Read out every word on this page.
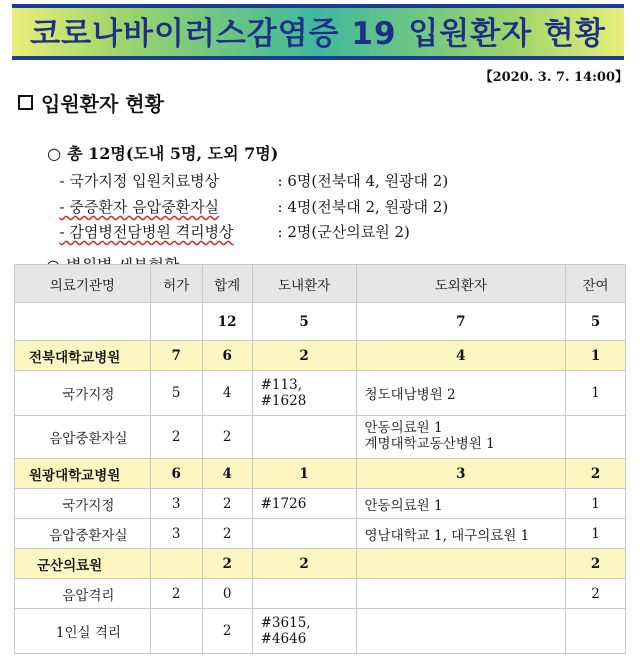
코로나바이러스감염증 19 입원환자 현황
【2020. 3. 7. 14:00】
입원환자 현황

○ 총 12명(도내 5명, 도외 7명)

- 국가지정 입원치료병상	: 6명(전북대 4, 원광대 2)

- 중증환자 음압중환자실	: 4명(전북대 2, 원광대 2)

- 감염병전담병원 격리병상	: 2명(군산의료원 2)

의료기관명	허가	합계	도내환자	도외환자	잔여
		12	5	7	5
전북대학교병원	7	6	2	4	1
국가지정	5	4	#113, #1628	청도대남병원 2	1
음압중환자실	2	2		안동의료원 1
계명대학교동산병원 1	

원광대학교병원	6	4	1	3	2
국가지정	3	2	#1726	안동의료원 1	1
음압중환자실	3	2		영남대학교 1, 대구의료원 1	1
군산의료원		2	2		2
음압격리	2	0			2
1인실 격리		2	#3615, #4646		
